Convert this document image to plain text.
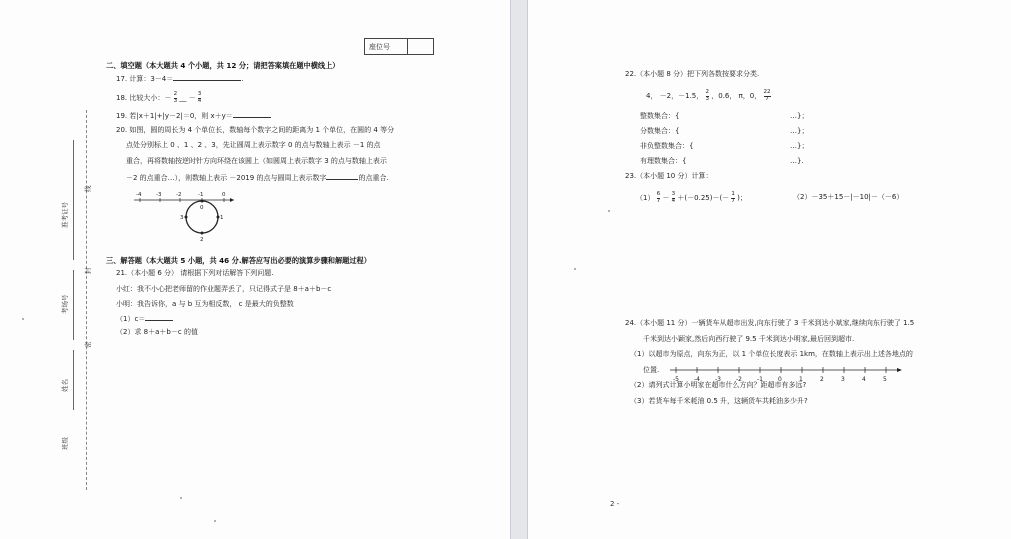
座位号
准考证号
考场号
姓名
班级
线
封
密
二、填空题（本大题共 4 个小题，共 12 分；请把答案填在题中横线上）
17. 计算：3－4＝	.
18. 比较大小：－ $\frac{2}{3}$ __ － $\frac{3}{4}$
19. 若|x＋1|+|y－2|＝0，则 x＋y＝
20. 如图，圆的周长为 4 个单位长，数轴每个数字之间的距离为 1 个单位，在圆的 4 等分
点处分别标上 0 、1 、2 、3，先让圆周上表示数字 0 的点与数轴上表示 －1 的点
重合，再将数轴按逆时针方向环绕在该圆上（如圆周上表示数字 3 的点与数轴上表示
－2 的点重合…），则数轴上表示 －2019 的点与圆周上表示数字	的点重合.
-4	-3	-2	-1	0
0
1
2
3
三、解答题（本大题共 5 小题，共 46 分.解答应写出必要的演算步骤和解题过程）
21.（本小题 6 分） 请根据下列对话解答下列问题.
小红：我不小心把老师留的作业题弄丢了，只记得式子是 8＋a＋b－c
小明：我告诉你，a 与 b 互为相反数， c 是最大的负整数
（1）c＝
（2）求 8＋a＋b－c 的值
22.（本小题 8 分）把下列各数按要求分类.
4， －2，－1.5， $\frac{2}{3}$ ，0.6， π，0， $\frac{22}{7}$
整数集合：{	…}；
分数集合：{	…}；
非负整数集合：{	…}；
有理数集合：{	…}.
23.（本小题 10 分）计算：
$(1) \frac{6}{7} - \frac{3}{4} +(-0.25)-(- \frac{1}{7}$ )；	（2）－35＋15－|－10|－（－6）
24.（本小题 11 分）一辆货车从超市出发,向东行驶了 3 千米到达小斌家,继续向东行驶了 1.5
千米到达小颖家,然后向西行驶了 9.5 千米到达小明家,最后回到超市.
（1）以超市为原点，向东为正，以 1 个单位长度表示 1km，在数轴上表示出上述各地点的
位置.
-5	-4	-3	-2	-1	0	1	2	3	4	5
（2）请列式计算小明家在超市什么方向？距超市有多远?
（3）若货车每千米耗油 0.5 升，这辆货车共耗油多少升?
2 -
